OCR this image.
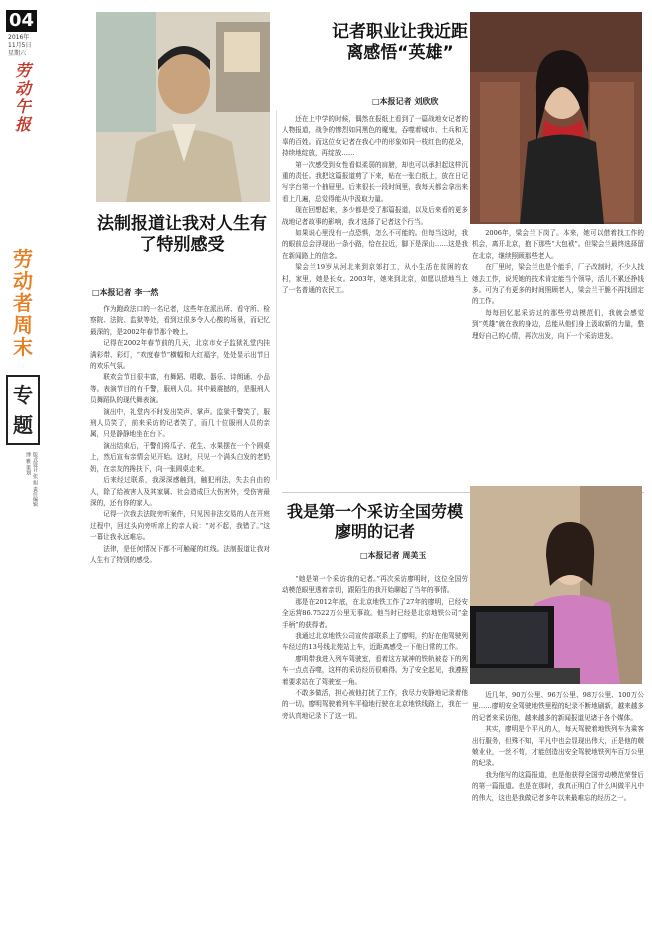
04
2016年
11月5日
星期六
劳动午报
劳动者周末
专题
版式设计 张 旭 责任编辑 博 雅 策划
法制报道让我对人生有了特别感受
□本报记者 李一然

作为跑政法口的一名记者，这些年在派出所、看守所、检察院、法院、监狱等处，看到过很多令人心酸的场景，而记忆最深的，是2002年春节那个晚上。

记得在2002年春节前的几天，北京市女子监狱礼堂内挂满彩带、彩灯，“欢度春节”横幅和大红福字，处处显示出节日的欢乐气氛。

联欢会节目很丰富，有舞蹈、唱歌、器乐、诗朗诵、小品等。表演节目的有千警，服刑人员。其中最震撼的，是服刑人员舞蹈队的现代舞表演。

演出中，礼堂内不时发出笑声、掌声。监狱千警笑了，服刑人员笑了，前来采访的记者笑了，而几十位服刑人员的亲属，只是静静地坐在台下。

演出结束后，干警们将瓜子、花生、水果摆在一个个圆桌上，然后宣布亲情会见开始。这时，只见一个满头白发的老奶奶，在亲友的搀扶下，向一张圆桌走来。

后来经过联系，我深深感触到，触犯刑法，失去自由的人，除了给被害人及其家属、社会造成巨大伤害外，受伤害最深的，还有你的家人。

记得一次我去法院旁听案件，只见因非法交易的人在开庭过程中，回过头向旁听席上的亲人说：“对不起，我错了。”这一幕让我永远难忘。

法律，是任何情况下都不可触碰的红线。法制报道让我对人生有了特别的感受。

记者职业让我近距离感悟“英雄”
□本报记者 刘欣欣

还在上中学的时候，偶然在报纸上看到了一篇战地女记者的人物报道，战争的惨烈如同黑色的魔鬼，吞噬着城市、土兵和无辜的百姓。而这位女记者在我心中的形象如同一枝红色的花朵，持续地绽放，再绽放……

第一次感受到女性看似柔弱的肩膀，却也可以承担起这样沉重的责任。我把这篇报道剪了下来，贴在一张白纸上，放在日记写字台第一个抽屉里。后来很长一段时间里，我每天都会拿出来看上几遍，总觉得能从中汲取力量。

现在回想起来，多少都是受了那篇报道，以及后来看的更多战地记者故事的影响，我才选择了记者这个行当。

如果说心里没有一点恐惧，怎么不可能的。但每当这时，我的眼前总会浮现出一条小路，恰在拉近，脚下是深山……这是我在新闻路上的信念。

梁会兰19岁从河北来到京郊打工，从小生活在贫困的农村，家里，她是长女。2003年，她来到北京，如愿以偿地当上了一名普通的农民工。

2006年，梁会兰下岗了。本来，她可以借着找工作的机会，离开北京，抱下那些“大包袱”。但梁会兰最终选择留在北京，继续照顾那些老人。

在厂里时，梁会兰也是个能手，厂子改制时，不少人找她去工作，说凭她的技术肯定能当个领导，活儿不累还挣钱多。可为了有更多的时间照顾老人，梁会兰干脆不再找固定的工作。

每每回忆起采访过的那些劳动模范们，我就会感觉到“英雄”就在我的身边，总能从他们身上汲取新的力量，整理好自己的心情，再次出发，向下一个采访进发。

我是第一个采访全国劳模廖明的记者
□本报记者 周美玉

“她是第一个采访我的记者。”再次采访廖明时，这位全国劳动模范眼里透着亲切，跟陌生的我开始聊起了当年的事情。

那是在2012年底，在北京地铁工作了27年的廖明，已经安全运营86.7522万公里无事故。他当时已经是北京地铁公司“金手柄”的获得者。

我通过北京地铁公司宣传部联系上了廖明，约好在他驾驶列车经过的13号线北苑站上车，近距离感受一下他日常的工作。

廖明带我进入列车驾驶室，看着这方斌神的铁轨被卷下的列车一点点吞噬，这样的采访经历很难得。为了安全起见，我遵照着要求站在了驾驶室一角。

不敢多做活，担心被他打扰了工作，我尽力安静地记录着他的一切。廖明驾驶着列车平稳地行驶在北京地铁线路上，我在一旁认真地记录下了这一切。

近几年，90万公里、96万公里、98万公里、100万公里……廖明安全驾驶地铁里程的纪录不断地刷新，越来越多的记者来采访他，越来越多的新闻报道见诸于各个媒体。

其实，廖明是个平凡的人，每天驾驶着地铁列车为乘客出行服务，但殊不知，平凡中也会显现出伟大，正是他的兢兢业业，一丝不苟，才能创造出安全驾驶地铁列车百万公里的纪录。

我为他写的这篇报道，也是他获得全国劳动模范荣誉后的第一篇报道。也是在那时，我真正明白了什么叫做平凡中的伟大，这也是我做记者多年以来最难忘的经历之一。
